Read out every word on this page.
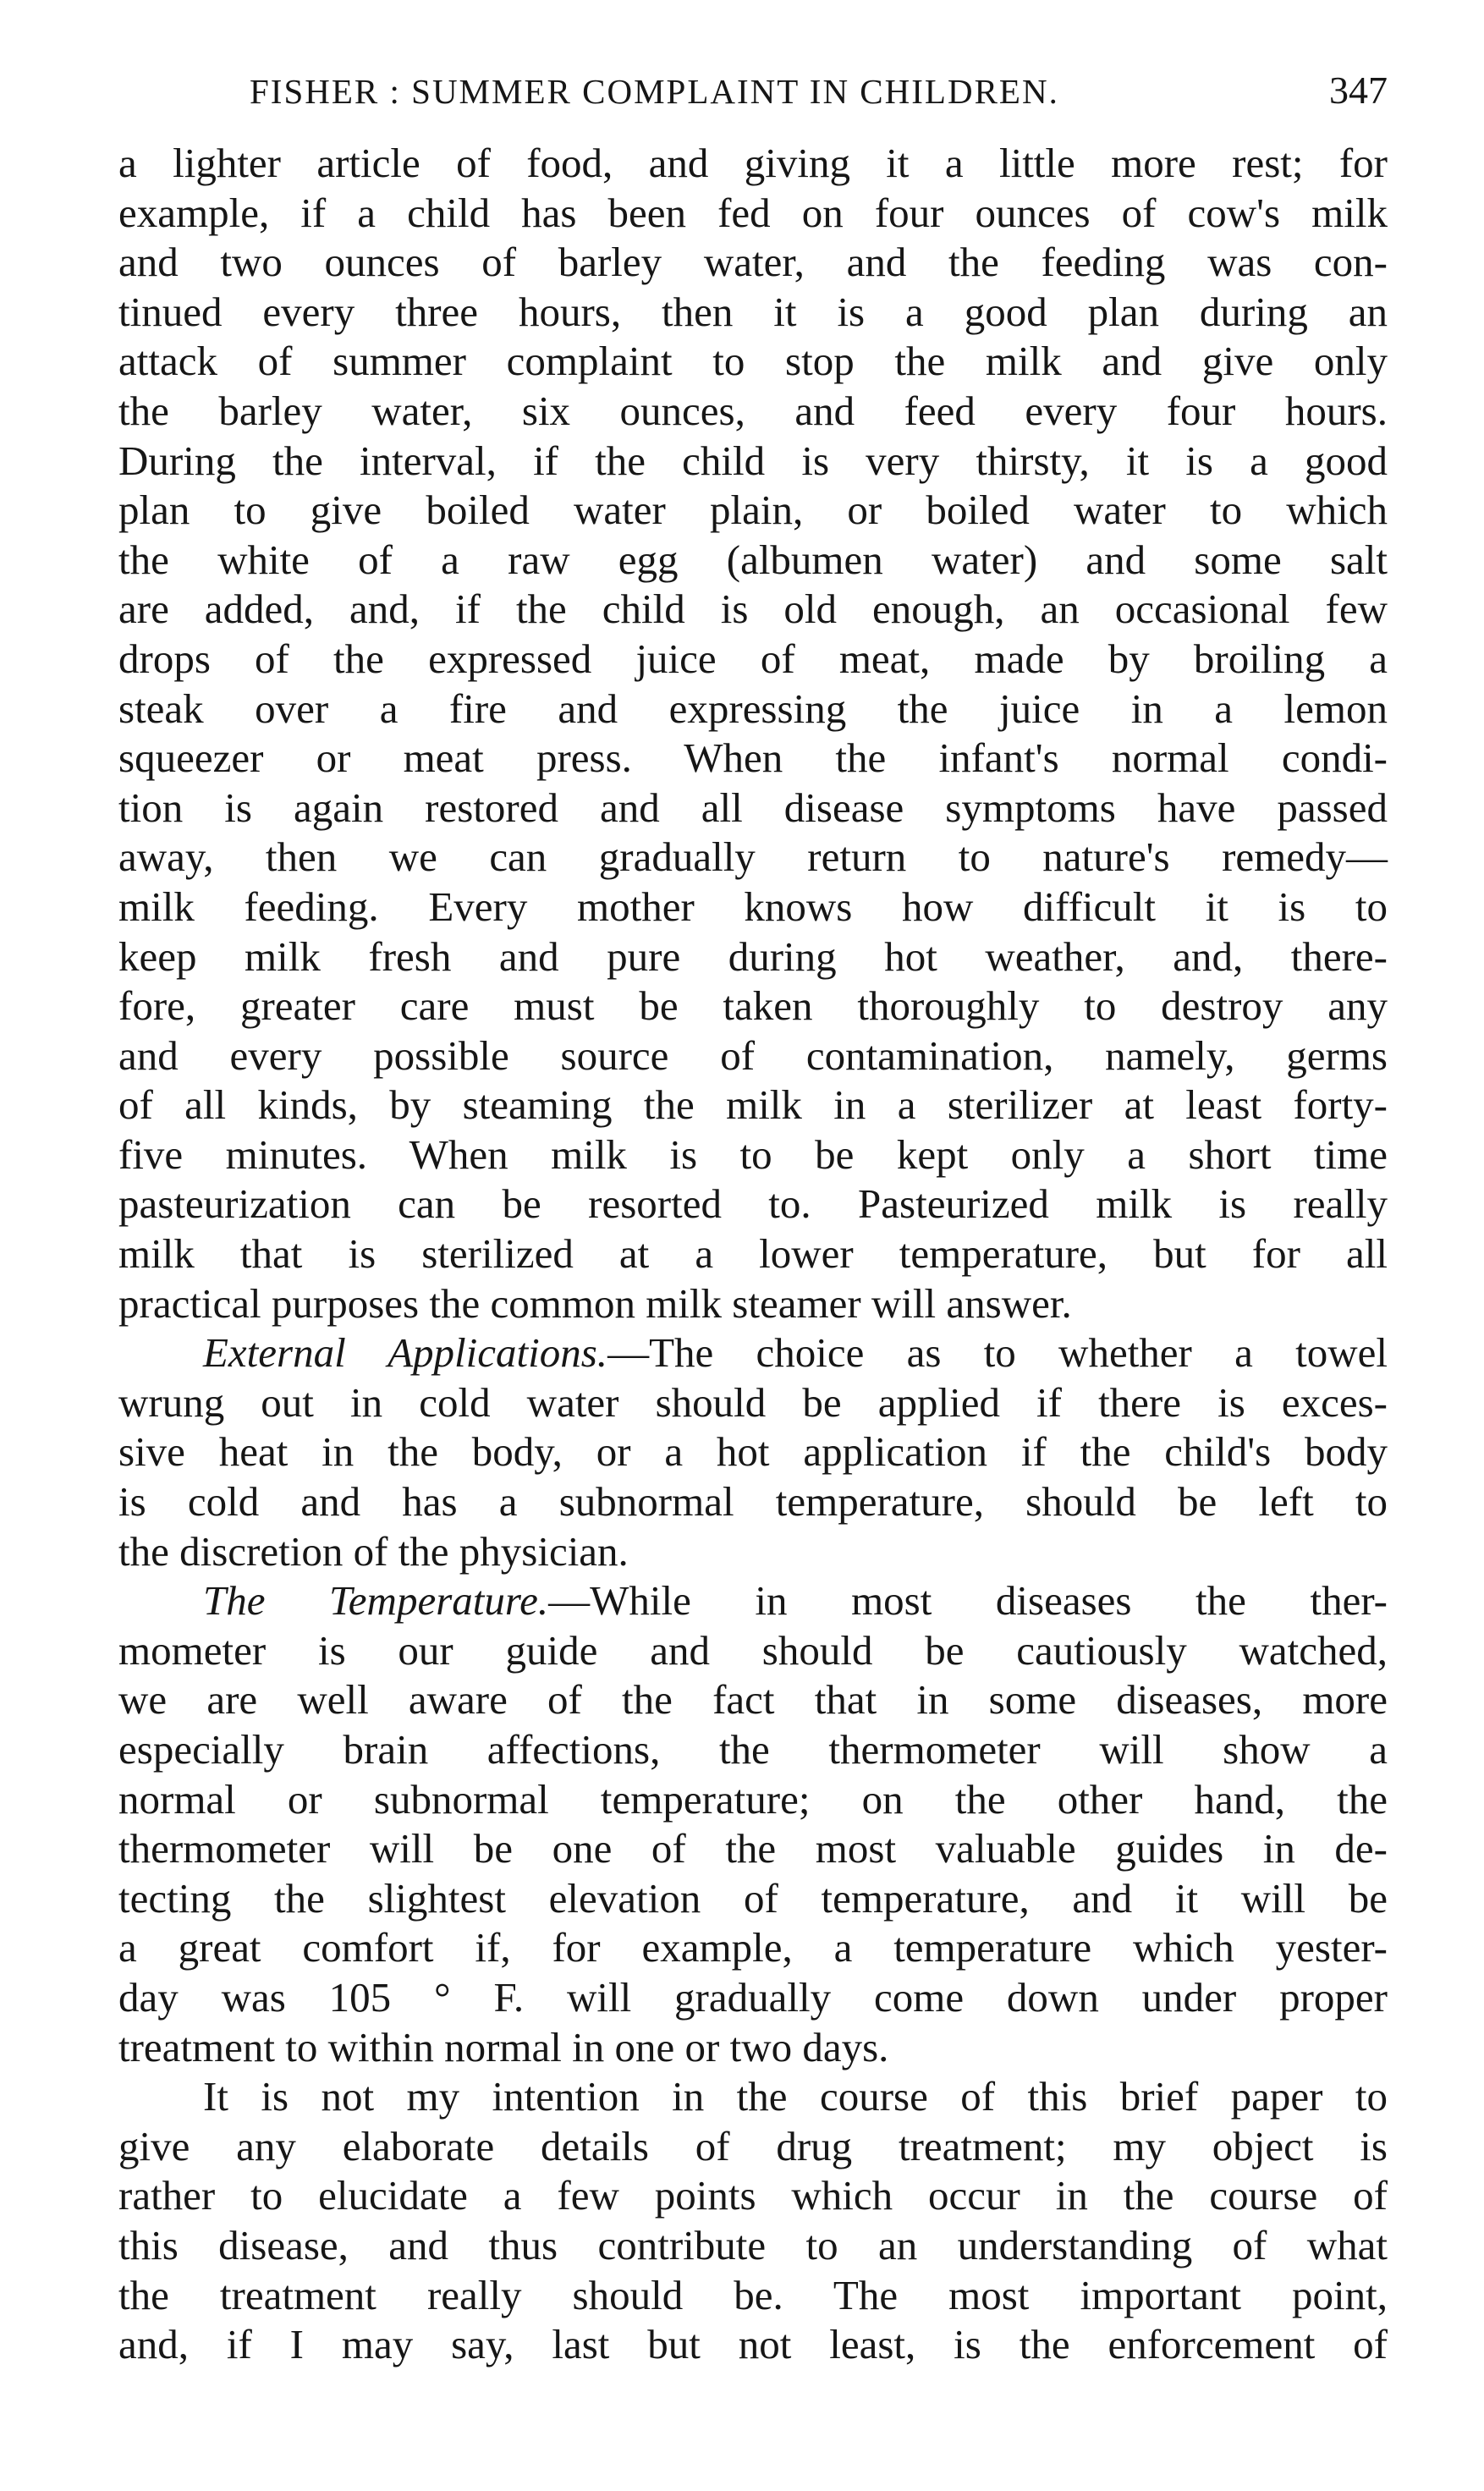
FISHER : SUMMER COMPLAINT IN CHILDREN.	347

a lighter article of food, and giving it a little more rest; for
example, if a child has been fed on four ounces of cow's milk
and two ounces of barley water, and the feeding was con-
tinued every three hours, then it is a good plan during an
attack of summer complaint to stop the milk and give only
the barley water, six ounces, and feed every four hours.
During the interval, if the child is very thirsty, it is a good
plan to give boiled water plain, or boiled water to which
the white of a raw egg (albumen water) and some salt
are added, and, if the child is old enough, an occasional few
drops of the expressed juice of meat, made by broiling a
steak over a fire and expressing the juice in a lemon
squeezer or meat press. When the infant's normal condi-
tion is again restored and all disease symptoms have passed
away, then we can gradually return to nature's remedy—
milk feeding. Every mother knows how difficult it is to
keep milk fresh and pure during hot weather, and, there-
fore, greater care must be taken thoroughly to destroy any
and every possible source of contamination, namely, germs
of all kinds, by steaming the milk in a sterilizer at least forty-
five minutes. When milk is to be kept only a short time
pasteurization can be resorted to. Pasteurized milk is really
milk that is sterilized at a lower temperature, but for all
practical purposes the common milk steamer will answer.

External Applications.—The choice as to whether a towel
wrung out in cold water should be applied if there is exces-
sive heat in the body, or a hot application if the child's body
is cold and has a subnormal temperature, should be left to
the discretion of the physician.

The Temperature.—While in most diseases the ther-
mometer is our guide and should be cautiously watched,
we are well aware of the fact that in some diseases, more
especially brain affections, the thermometer will show a
normal or subnormal temperature; on the other hand, the
thermometer will be one of the most valuable guides in de-
tecting the slightest elevation of temperature, and it will be
a great comfort if, for example, a temperature which yester-
day was 105 ° F. will gradually come down under proper
treatment to within normal in one or two days.

It is not my intention in the course of this brief paper to
give any elaborate details of drug treatment; my object is
rather to elucidate a few points which occur in the course of
this disease, and thus contribute to an understanding of what
the treatment really should be. The most important point,
and, if I may say, last but not least, is the enforcement of
